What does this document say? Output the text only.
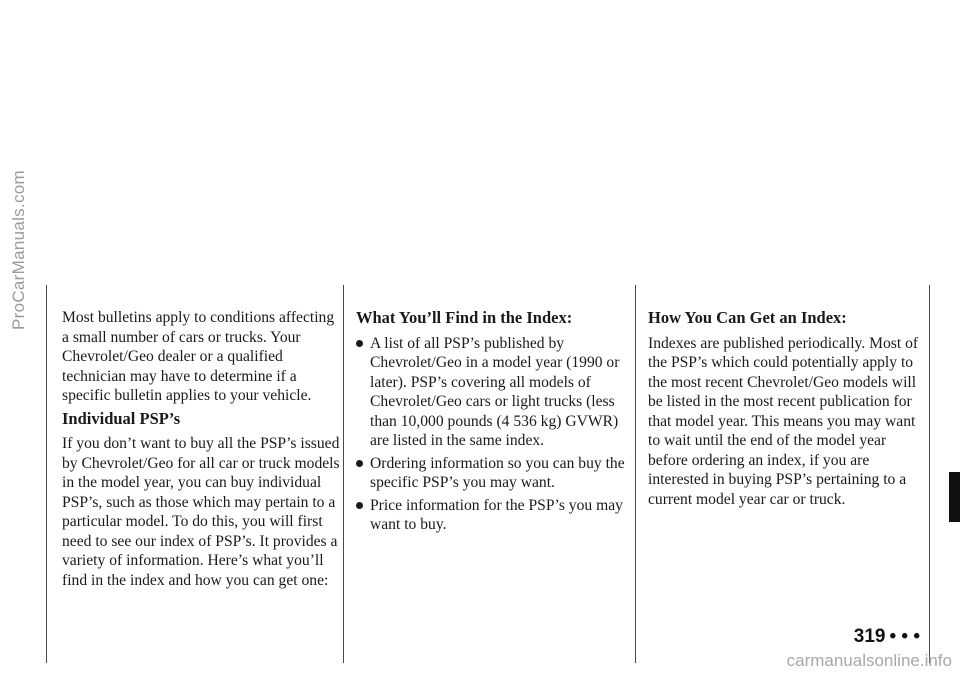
ProCarManuals.com Most bulletins apply to conditions affecting a small number of cars or trucks. Your Chevrolet/Geo dealer or a qualified technician may have to determine if a specific bulletin applies to your vehicle.

Individual PSP’s

If you don’t want to buy all the PSP’s issued by Chevrolet/Geo for all car or truck models in the model year, you can buy individual PSP’s, such as those which may pertain to a particular model. To do this, you will first need to see our index of PSP’s. It provides a variety of information. Here’s what you’ll find in the index and how you can get one:

What You’ll Find in the Index:

A list of all PSP’s published by Chevrolet/Geo in a model year (1990 or later). PSP’s covering all models of Chevrolet/Geo cars or light trucks (less than 10,000 pounds (4 536 kg) GVWR) are listed in the same index.
Ordering information so you can buy the specific PSP’s you may want.
Price information for the PSP’s you may want to buy.

How You Can Get an Index:

Indexes are published periodically. Most of the PSP’s which could potentially apply to the most recent Chevrolet/Geo models will be listed in the most recent publication for that model year. This means you may want to wait until the end of the model year before ordering an index, if you are interested in buying PSP’s pertaining to a current model year car or truck.

319 • • •
carmanualsonline.info
